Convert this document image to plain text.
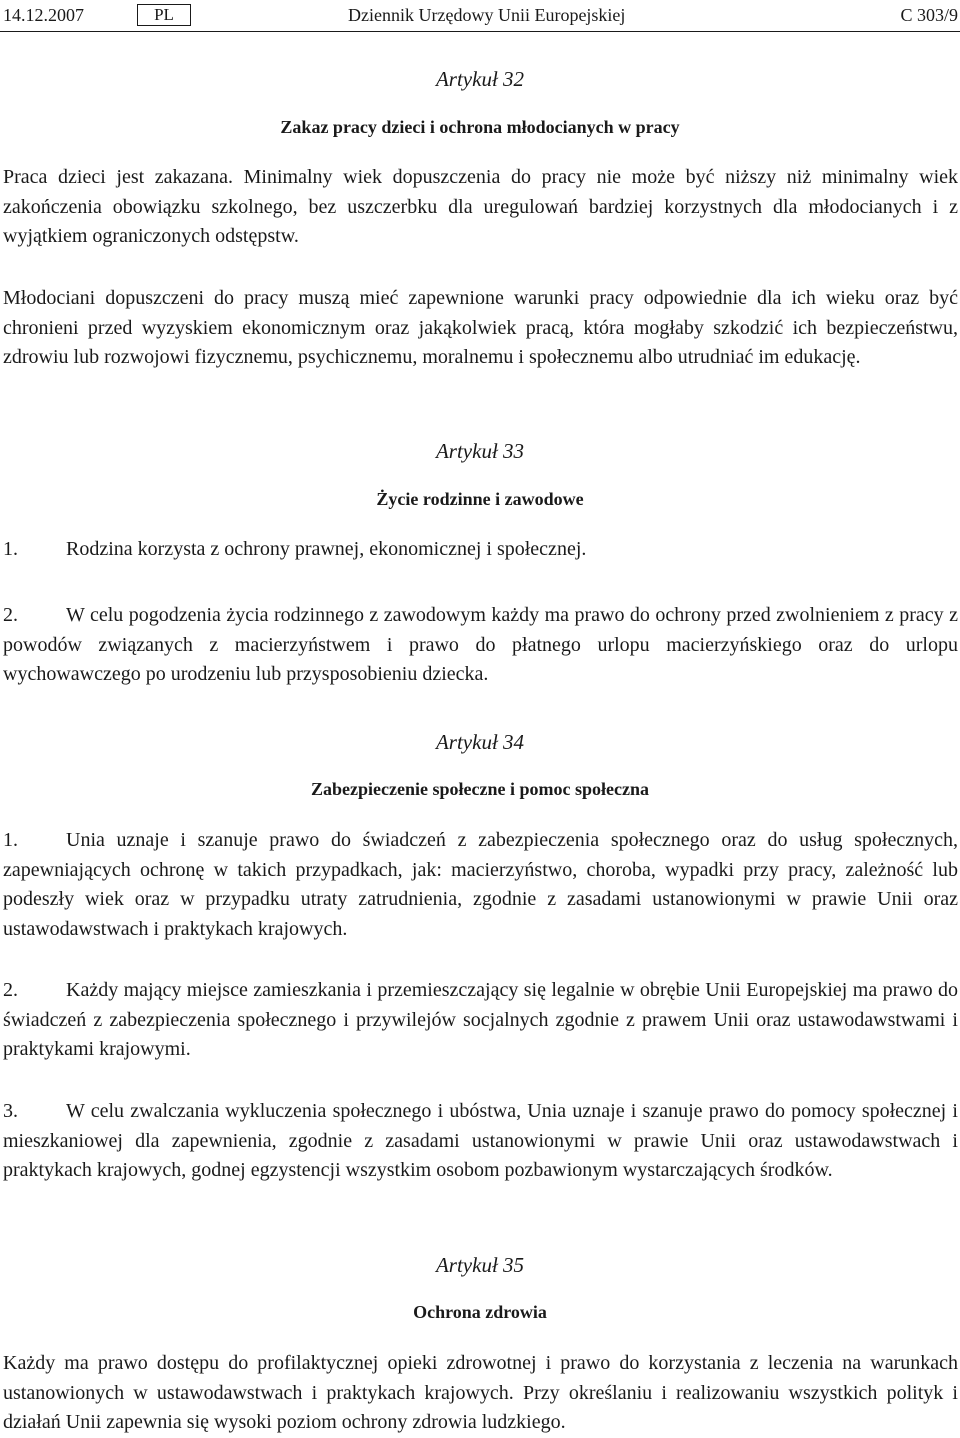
14.12.2007	PL	Dziennik Urzędowy Unii Europejskiej	C 303/9
Artykuł 32
Zakaz pracy dzieci i ochrona młodocianych w pracy

Praca dzieci jest zakazana. Minimalny wiek dopuszczenia do pracy nie może być niższy niż minimalny wiek zakończenia obowiązku szkolnego, bez uszczerbku dla uregulowań bardziej korzystnych dla młodocianych i z wyjątkiem ograniczonych odstępstw.

Młodociani dopuszczeni do pracy muszą mieć zapewnione warunki pracy odpowiednie dla ich wieku oraz być chronieni przed wyzyskiem ekonomicznym oraz jakąkolwiek pracą, która mogłaby szkodzić ich bezpieczeństwu, zdrowiu lub rozwojowi fizycznemu, psychicznemu, moralnemu i społecznemu albo utrudniać im edukację.

Artykuł 33
Życie rodzinne i zawodowe

1. Rodzina korzysta z ochrony prawnej, ekonomicznej i społecznej.

2. W celu pogodzenia życia rodzinnego z zawodowym każdy ma prawo do ochrony przed zwolnieniem z pracy z powodów związanych z macierzyństwem i prawo do płatnego urlopu macierzyńskiego oraz do urlopu wychowawczego po urodzeniu lub przysposobieniu dziecka.

Artykuł 34
Zabezpieczenie społeczne i pomoc społeczna

1. Unia uznaje i szanuje prawo do świadczeń z zabezpieczenia społecznego oraz do usług społecznych, zapewniających ochronę w takich przypadkach, jak: macierzyństwo, choroba, wypadki przy pracy, zależność lub podeszły wiek oraz w przypadku utraty zatrudnienia, zgodnie z zasadami ustanowionymi w prawie Unii oraz ustawodawstwach i praktykach krajowych.

2. Każdy mający miejsce zamieszkania i przemieszczający się legalnie w obrębie Unii Europejskiej ma prawo do świadczeń z zabezpieczenia społecznego i przywilejów socjalnych zgodnie z prawem Unii oraz ustawodawstwami i praktykami krajowymi.

3. W celu zwalczania wykluczenia społecznego i ubóstwa, Unia uznaje i szanuje prawo do pomocy społecznej i mieszkaniowej dla zapewnienia, zgodnie z zasadami ustanowionymi w prawie Unii oraz ustawodawstwach i praktykach krajowych, godnej egzystencji wszystkim osobom pozbawionym wystarczających środków.

Artykuł 35
Ochrona zdrowia

Każdy ma prawo dostępu do profilaktycznej opieki zdrowotnej i prawo do korzystania z leczenia na warunkach ustanowionych w ustawodawstwach i praktykach krajowych. Przy określaniu i realizowaniu wszystkich polityk i działań Unii zapewnia się wysoki poziom ochrony zdrowia ludzkiego.
